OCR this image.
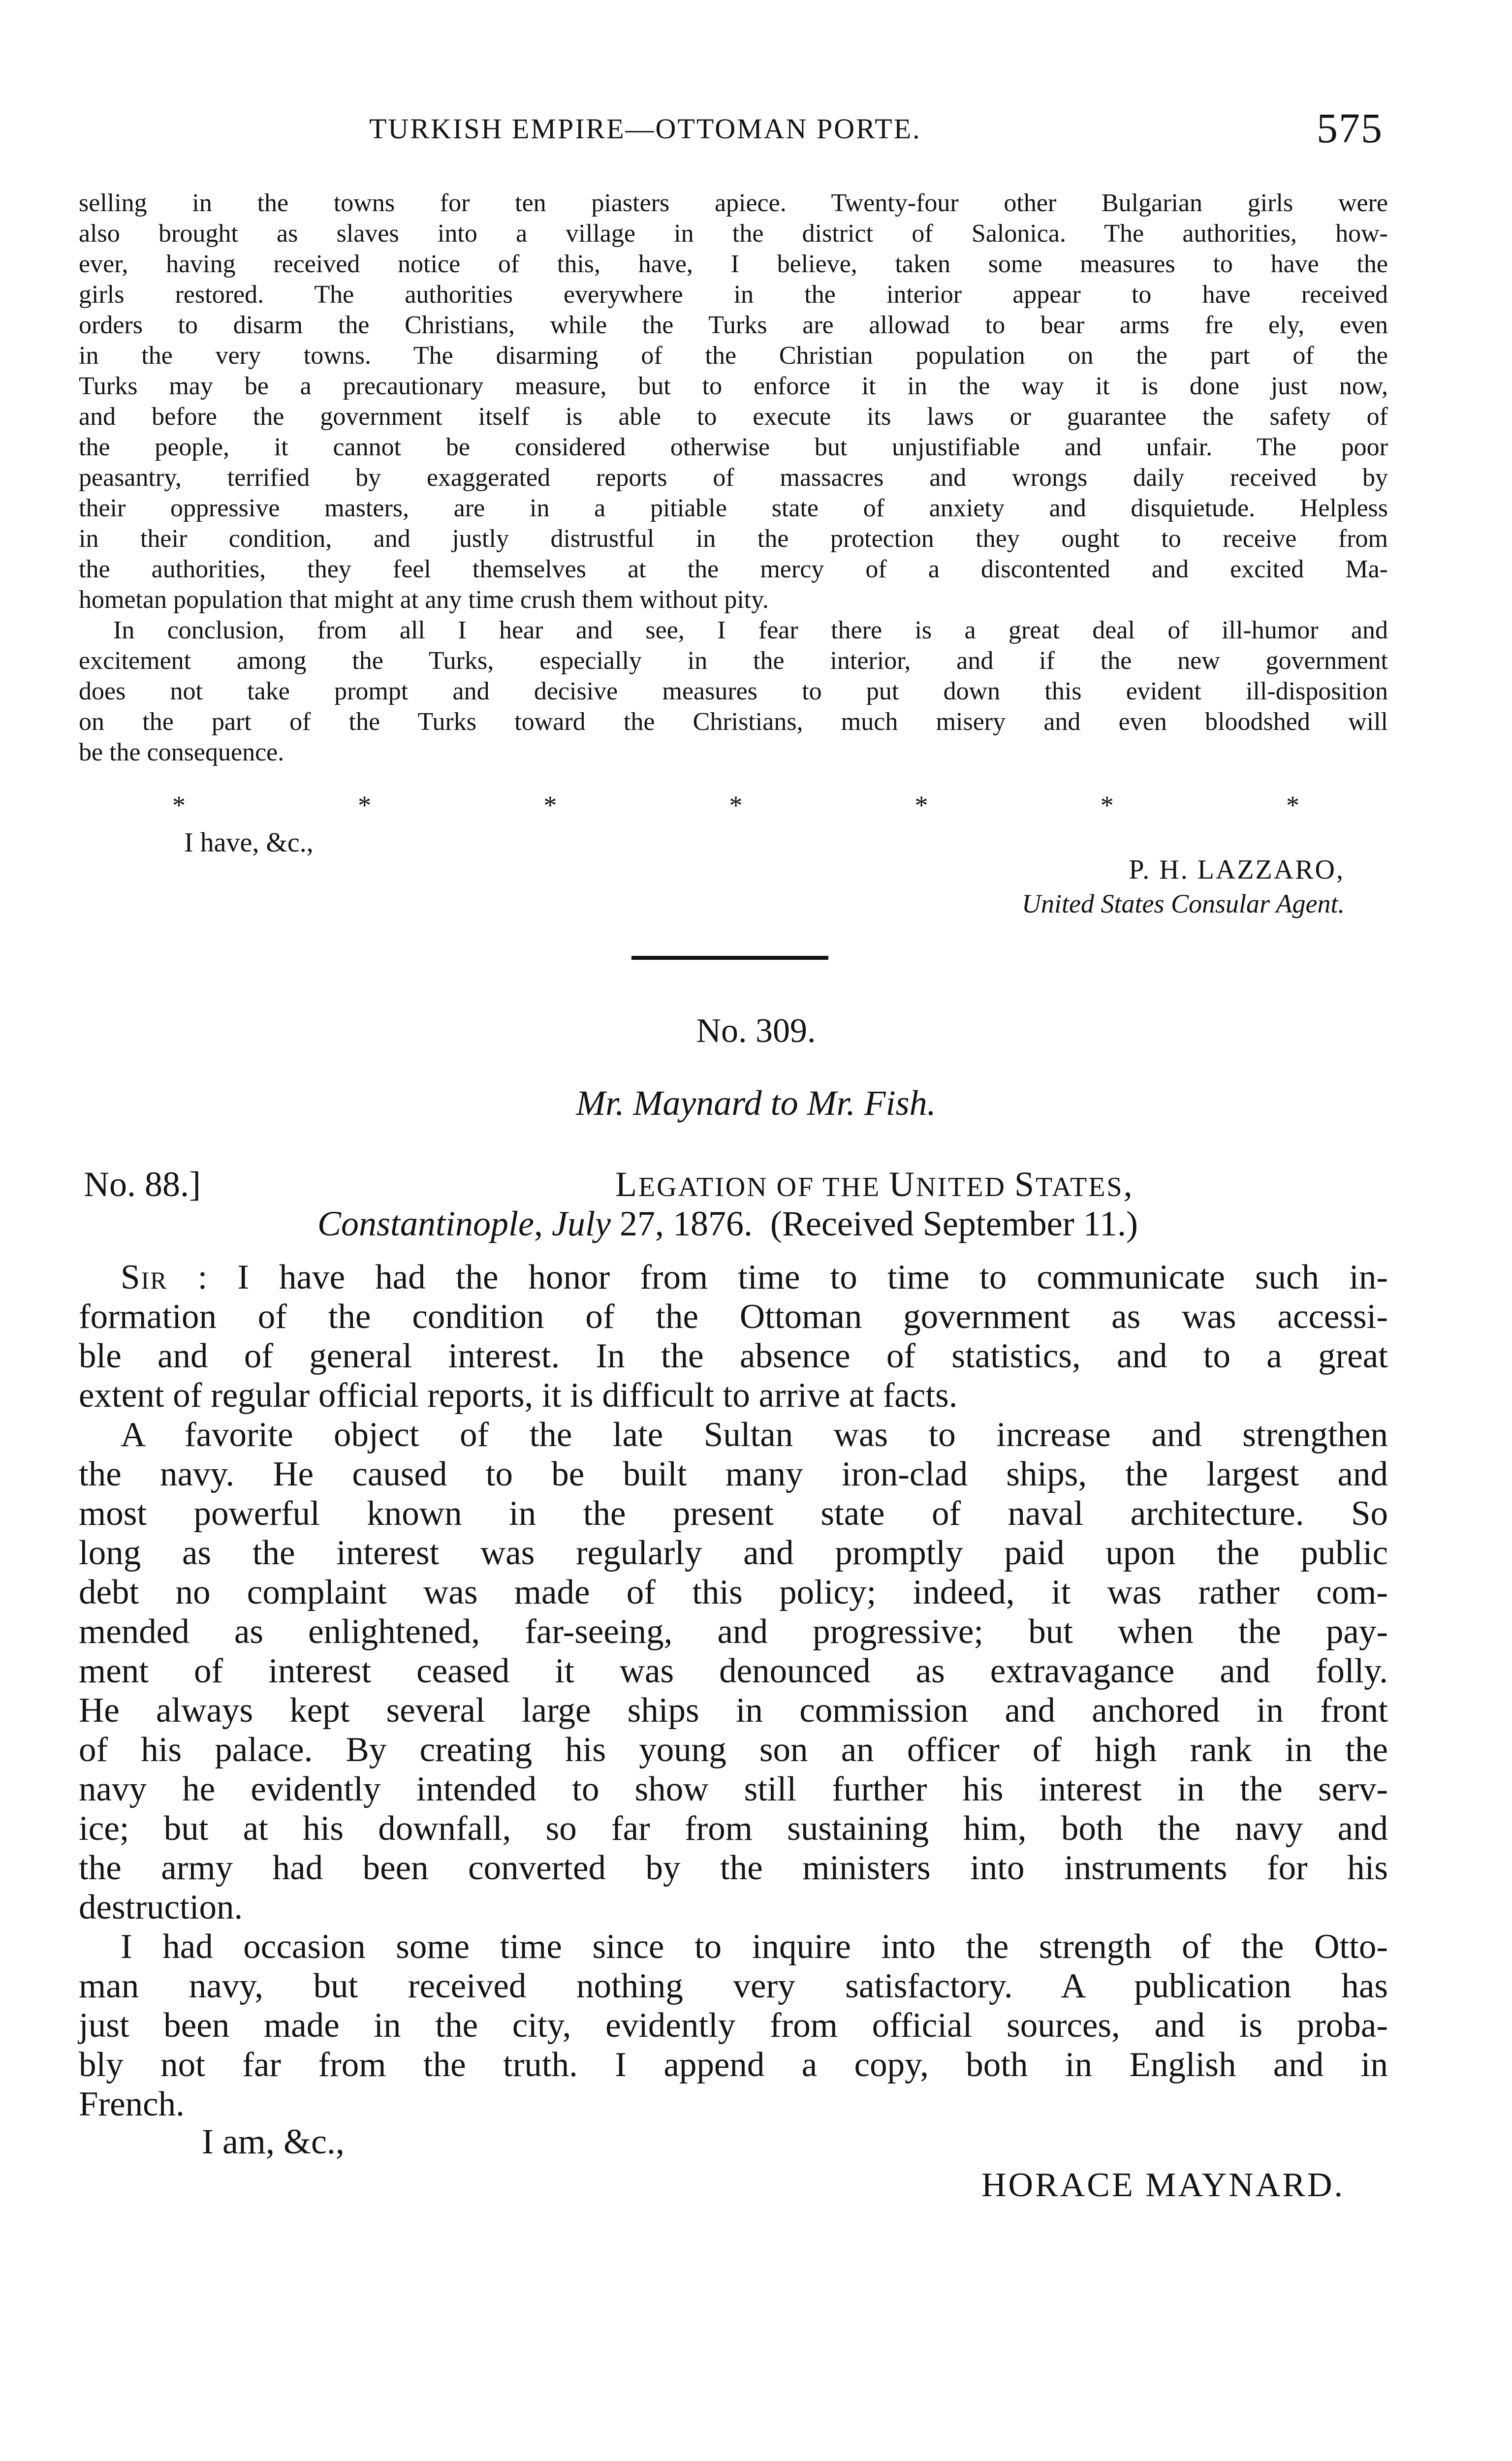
TURKISH EMPIRE—OTTOMAN PORTE.	575
selling in the towns for ten piasters apiece. Twenty-four other Bulgarian girls were
also brought as slaves into a village in the district of Salonica. The authorities, how-
ever, having received notice of this, have, I believe, taken some measures to have the
girls restored. The authorities everywhere in the interior appear to have received
orders to disarm the Christians, while the Turks are allowad to bear arms fre ely, even
in the very towns. The disarming of the Christian population on the part of the
Turks may be a precautionary measure, but to enforce it in the way it is done just now,
and before the government itself is able to execute its laws or guarantee the safety of
the people, it cannot be considered otherwise but unjustifiable and unfair. The poor
peasantry, terrified by exaggerated reports of massacres and wrongs daily received by
their oppressive masters, are in a pitiable state of anxiety and disquietude. Helpless
in their condition, and justly distrustful in the protection they ought to receive from
the authorities, they feel themselves at the mercy of a discontented and excited Ma-
hometan population that might at any time crush them without pity.
In conclusion, from all I hear and see, I fear there is a great deal of ill-humor and
excitement among the Turks, especially in the interior, and if the new government
does not take prompt and decisive measures to put down this evident ill-disposition
on the part of the Turks toward the Christians, much misery and even bloodshed will
be the consequence.
*	*	*	*	*	*	*
I have, &c.,
P. H. LAZZARO,
United States Consular Agent.
No. 309.
Mr. Maynard to Mr. Fish.
No. 88.]	LEGATION OF THE UNITED STATES,
Constantinople, July 27, 1876. (Received September 11.)
Sir : I have had the honor from time to time to communicate such in-
formation of the condition of the Ottoman government as was accessi-
ble and of general interest. In the absence of statistics, and to a great
extent of regular official reports, it is difficult to arrive at facts.
A favorite object of the late Sultan was to increase and strengthen
the navy. He caused to be built many iron-clad ships, the largest and
most powerful known in the present state of naval architecture. So
long as the interest was regularly and promptly paid upon the public
debt no complaint was made of this policy; indeed, it was rather com-
mended as enlightened, far-seeing, and progressive; but when the pay-
ment of interest ceased it was denounced as extravagance and folly.
He always kept several large ships in commission and anchored in front
of his palace. By creating his young son an officer of high rank in the
navy he evidently intended to show still further his interest in the serv-
ice; but at his downfall, so far from sustaining him, both the navy and
the army had been converted by the ministers into instruments for his
destruction.
I had occasion some time since to inquire into the strength of the Otto-
man navy, but received nothing very satisfactory. A publication has
just been made in the city, evidently from official sources, and is proba-
bly not far from the truth. I append a copy, both in English and in
French.
I am, &c.,
HORACE MAYNARD.
